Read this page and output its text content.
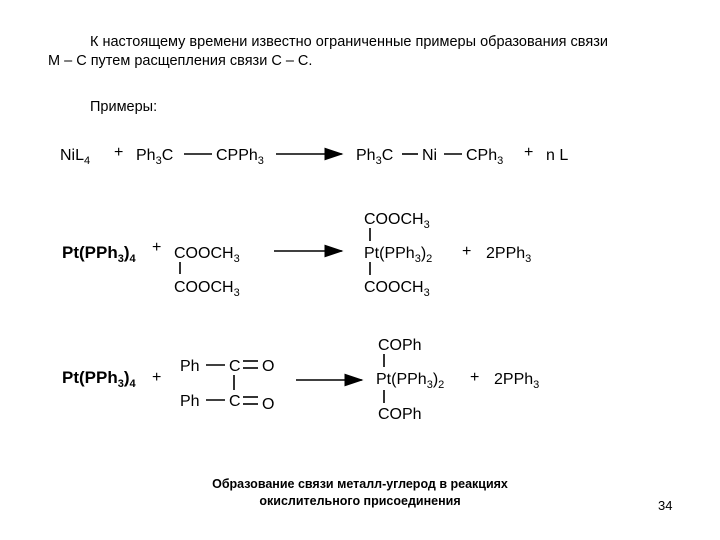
К настоящему времени известно ограниченные примеры образования связи
M – C путем расщепления связи C – C.
Примеры:
$NiL_4 + Ph_3C$	CPPh$_3$	$Ph_3C$ Ni CPh$_3$ + n L
$Pt(PPh_3)_4$
+ $COOCH_3$
$COOCH_3$
$COOCH_3$
$Pt(PPh_3)_2$
$COOCH_3$
+ 2PPh$_3$
$Pt(PPh_3)_4$ +
Ph C O
Ph C O
COPh
$Pt(PPh_3)_2$
COPh
+ 2PPh$_3$
Образование связи металл-углерод в реакциях
окислительного присоединения	34
